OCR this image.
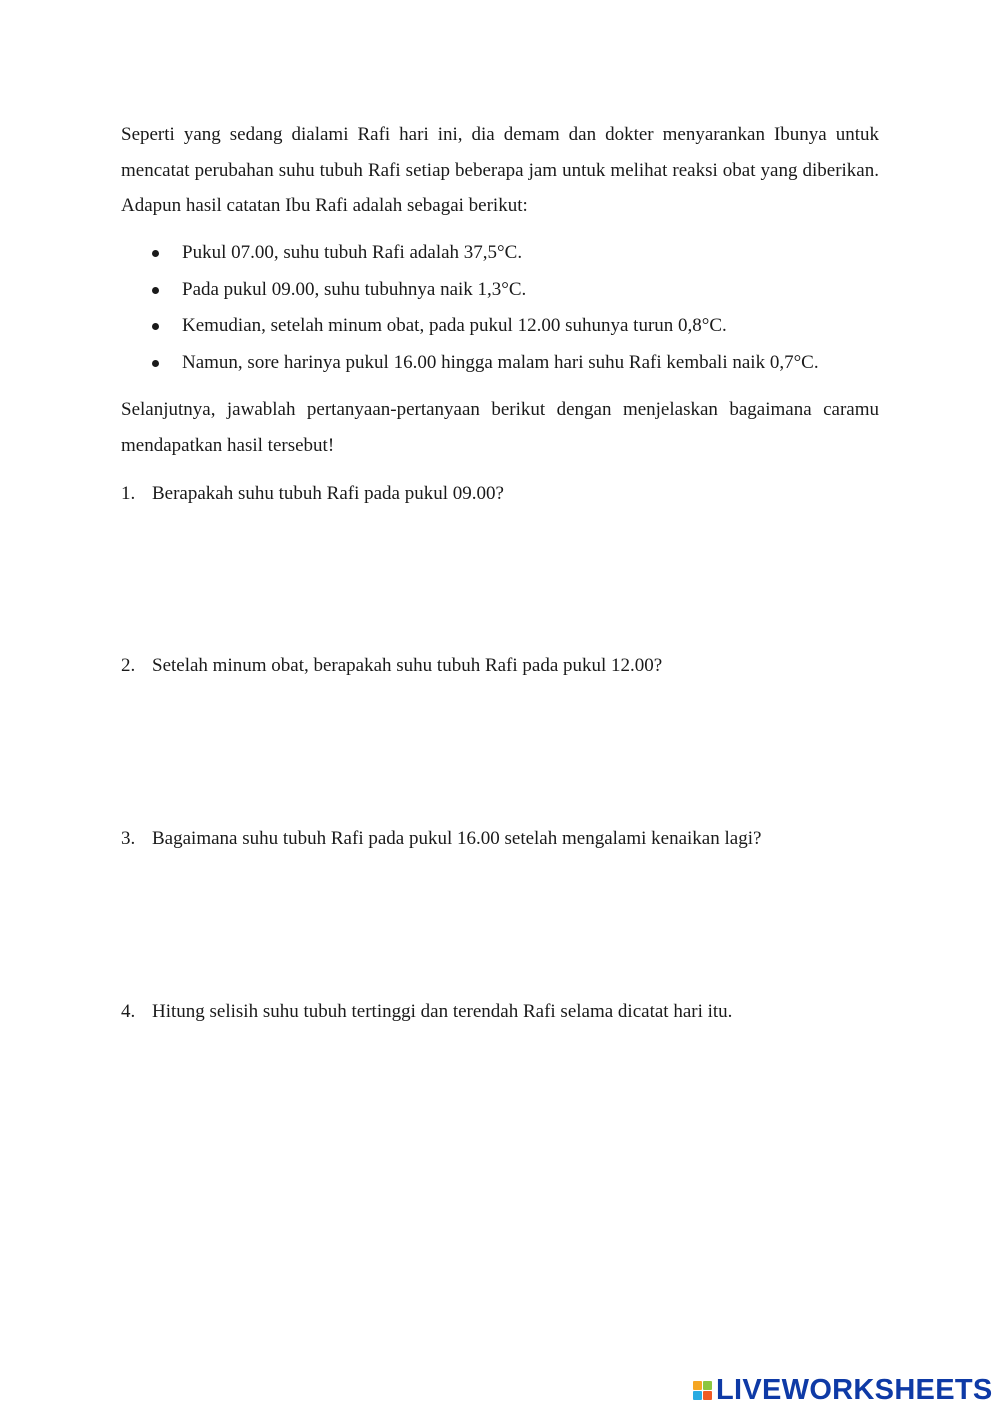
Seperti yang sedang dialami Rafi hari ini, dia demam dan dokter menyarankan Ibunya untuk mencatat perubahan suhu tubuh Rafi setiap beberapa jam untuk melihat reaksi obat yang diberikan. Adapun hasil catatan Ibu Rafi adalah sebagai berikut:

Pukul 07.00, suhu tubuh Rafi adalah 37,5°C.
Pada pukul 09.00, suhu tubuhnya naik 1,3°C.
Kemudian, setelah minum obat, pada pukul 12.00 suhunya turun 0,8°C.
Namun, sore harinya pukul 16.00 hingga malam hari suhu Rafi kembali naik 0,7°C.

Selanjutnya, jawablah pertanyaan-pertanyaan berikut dengan menjelaskan bagaimana caramu mendapatkan hasil tersebut!

1. Berapakah suhu tubuh Rafi pada pukul 09.00?
2. Setelah minum obat, berapakah suhu tubuh Rafi pada pukul 12.00?
3. Bagaimana suhu tubuh Rafi pada pukul 16.00 setelah mengalami kenaikan lagi?
4. Hitung selisih suhu tubuh tertinggi dan terendah Rafi selama dicatat hari itu.
LIVEWORKSHEETS
